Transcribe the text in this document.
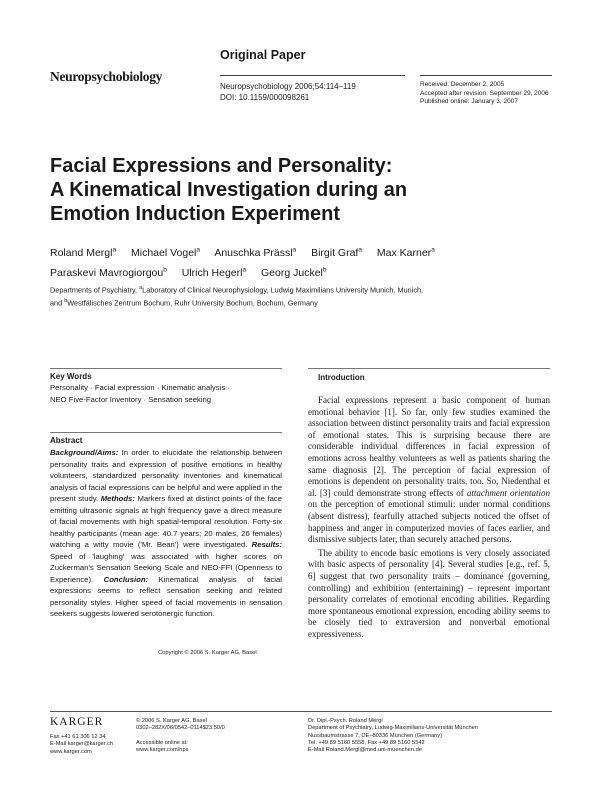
Original Paper
Neuropsychobiology
Neuropsychobiology 2006;54:114–119
DOI: 10.1159/000098261
Received: December 2, 2005
Accepted after revision: September 29, 2006
Published online: January 3, 2007
Facial Expressions and Personality:
A Kinematical Investigation during an
Emotion Induction Experiment
Roland Mergl$^a$ Michael Vogel$^a$ Anuschka Prässl$^a$ Birgit Graf$^a$ Max Karner$^a$
Paraskevi Mavrogiorgou$^b$ Ulrich Hegerl$^a$ Georg Juckel$^b$
Departments of Psychiatry, $^a$Laboratory of Clinical Neurophysiology, Ludwig Maximilians University Munich, Munich,
and $^b$Westfälisches Zentrum Bochum, Ruhr University Bochum, Bochum, Germany
Key Words
Personality · Facial expression · Kinematic analysis ·
NEO Five-Factor Inventory · Sensation seeking
Abstract
Background/Aims: In order to elucidate the relationship between personality traits and expression of positive emotions in healthy volunteers, standardized personality inventories and kinematical analysis of facial expressions can be helpful and were applied in the present study. Methods: Markers fixed at distinct points of the face emitting ultrasonic signals at high frequency gave a direct measure of facial movements with high spatial-temporal resolution. Forty-six healthy participants (mean age: 40.7 years; 20 males, 26 females) watching a witty movie ('Mr. Bean') were investigated. Results: Speed of 'laughing' was associated with higher scores on Zuckerman's Sensation Seeking Scale and NEO-FFI (Openness to Experience). Conclusion: Kinematical analysis of facial expressions seems to reflect sensation seeking and related personality styles. Higher speed of facial movements in sensation seekers suggests lowered serotonergic function.
Copyright © 2006 S. Karger AG, Basel
Introduction

Facial expressions represent a basic component of human emotional behavior [1]. So far, only few studies examined the association between distinct personality traits and facial expression of emotional states. This is surprising because there are considerable individual differences in facial expression of emotions across healthy volunteers as well as patients sharing the same diagnosis [2]. The perception of facial expression of emotions is dependent on personality traits, too. So, Niedenthal et al. [3] could demonstrate strong effects of attachment orientation on the perception of emotional stimuli: under normal conditions (absent distress), fearfully attached subjects noticed the offset of happiness and anger in computerized movies of faces earlier, and dismissive subjects later, than securely attached persons.

The ability to encode basic emotions is very closely associated with basic aspects of personality [4]. Several studies [e.g., ref. 5, 6] suggest that two personality traits – dominance (governing, controlling) and exhibition (entertaining) – represent important personality correlates of emotional encoding abilities. Regarding more spontaneous emotional expression, encoding ability seems to be closely tied to extraversion and nonverbal emotional expressiveness.

KARGER
Fax +41 61 306 12 34
E-Mail karger@karger.ch
www.karger.com
© 2006 S. Karger AG, Basel
0302–282X/06/0542–0114$23.50/0
Accessible online at:
www.karger.com/nps
Dr. Dipl.-Psych. Roland Mergl
Department of Psychiatry, Ludwig-Maximilians-Universität München
Nussbaumstrasse 7, DE–80336 München (Germany)
Tel. +49 89 5160 5558, Fax +49 89 5160 5542
E-Mail Roland.Mergl@med.uni-muenchen.de
